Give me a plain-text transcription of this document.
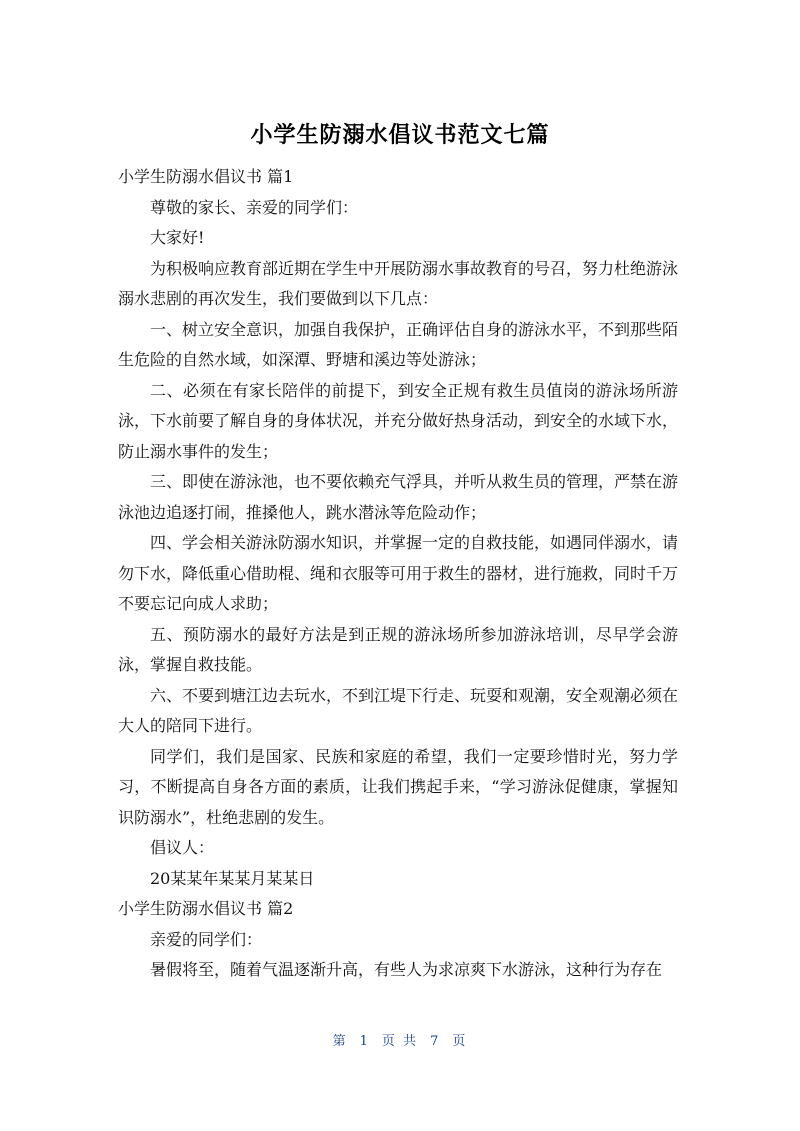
小学生防溺水倡议书范文七篇

小学生防溺水倡议书 篇1

尊敬的家长、亲爱的同学们：

大家好!

为积极响应教育部近期在学生中开展防溺水事故教育的号召，努力杜绝游泳溺水悲剧的再次发生，我们要做到以下几点：

一、树立安全意识，加强自我保护，正确评估自身的游泳水平，不到那些陌生危险的自然水域，如深潭、野塘和溪边等处游泳；

二、必须在有家长陪伴的前提下，到安全正规有救生员值岗的游泳场所游泳，下水前要了解自身的身体状况，并充分做好热身活动，到安全的水域下水，防止溺水事件的发生；

三、即使在游泳池，也不要依赖充气浮具，并听从救生员的管理，严禁在游泳池边追逐打闹，推搡他人，跳水潜泳等危险动作；

四、学会相关游泳防溺水知识，并掌握一定的自救技能，如遇同伴溺水，请勿下水，降低重心借助棍、绳和衣服等可用于救生的器材，进行施救，同时千万不要忘记向成人求助；

五、预防溺水的最好方法是到正规的游泳场所参加游泳培训，尽早学会游泳，掌握自救技能。

六、不要到塘江边去玩水，不到江堤下行走、玩耍和观潮，安全观潮必须在大人的陪同下进行。

同学们，我们是国家、民族和家庭的希望，我们一定要珍惜时光，努力学习，不断提高自身各方面的素质，让我们携起手来，“学习游泳促健康，掌握知识防溺水”，杜绝悲剧的发生。

倡议人：

20某某年某某月某某日

小学生防溺水倡议书 篇2

亲爱的同学们：

暑假将至，随着气温逐渐升高，有些人为求凉爽下水游泳，这种行为存在

第 1 页 共 7 页
